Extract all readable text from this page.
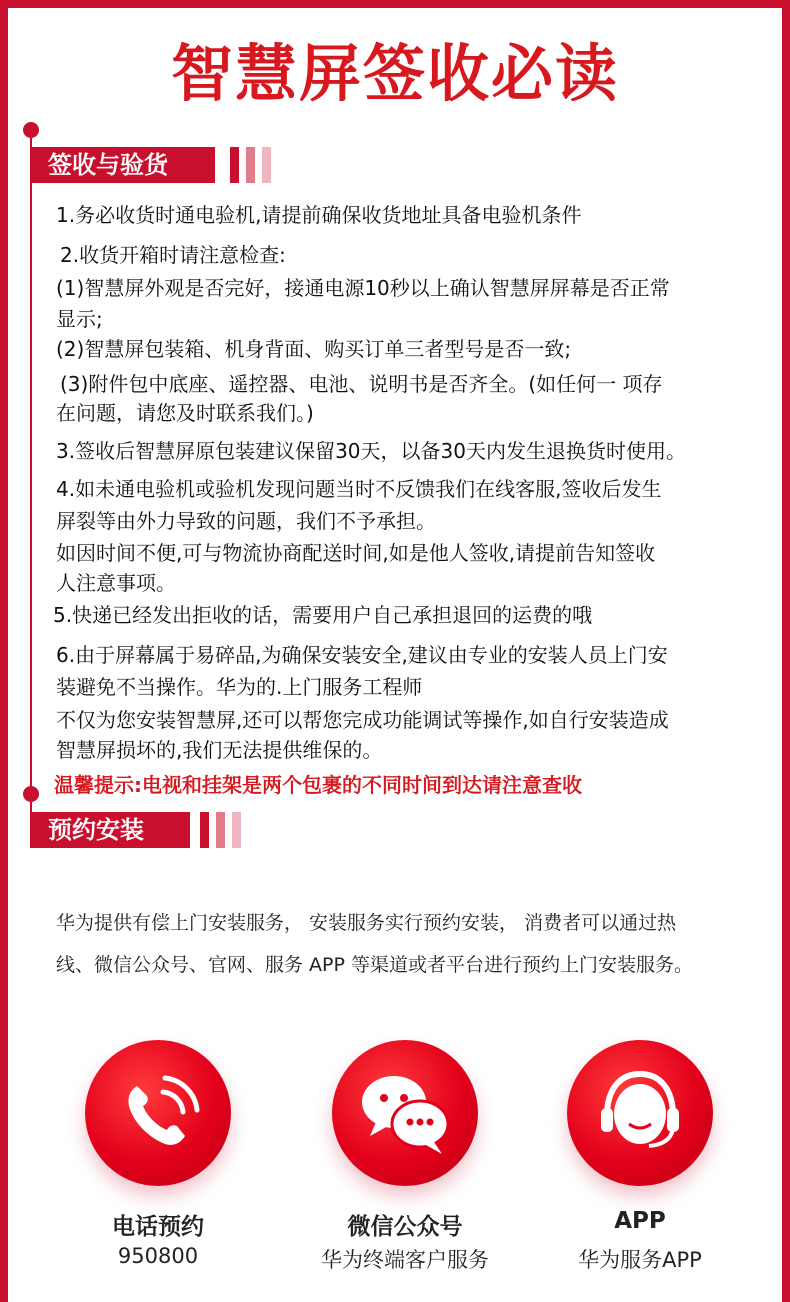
智慧屏签收必读
签收与验货
1.务必收货时通电验机,请提前确保收货地址具备电验机条件
2.收货开箱时请注意检查:
(1)智慧屏外观是否完好，接通电源10秒以上确认智慧屏屏幕是否正常
显示;
(2)智慧屏包装箱、机身背面、购买订单三者型号是否一致;
(3)附件包中底座、遥控器、电池、说明书是否齐全。(如任何一 项存
在问题，请您及时联系我们。)
3.签收后智慧屏原包装建议保留30天，以备30天内发生退换货时使用。
4.如未通电验机或验机发现问题当时不反馈我们在线客服,签收后发生
屏裂等由外力导致的问题，我们不予承担。
如因时间不便,可与物流协商配送时间,如是他人签收,请提前告知签收
人注意事项。
5.快递已经发出拒收的话，需要用户自己承担退回的运费的哦
6.由于屏幕属于易碎品,为确保安装安全,建议由专业的安装人员上门安
装避免不当操作。华为的.上门服务工程师
不仅为您安装智慧屏,还可以帮您完成功能调试等操作,如自行安装造成
智慧屏损坏的,我们无法提供维保的。
温馨提示:电视和挂架是两个包裹的不同时间到达请注意查收
预约安装
华为提供有偿上门安装服务， 安装服务实行预约安装， 消费者可以通过热
线、微信公众号、官网、服务 APP 等渠道或者平台进行预约上门安装服务。
电话预约
950800
微信公众号
华为终端客户服务
APP
华为服务APP
